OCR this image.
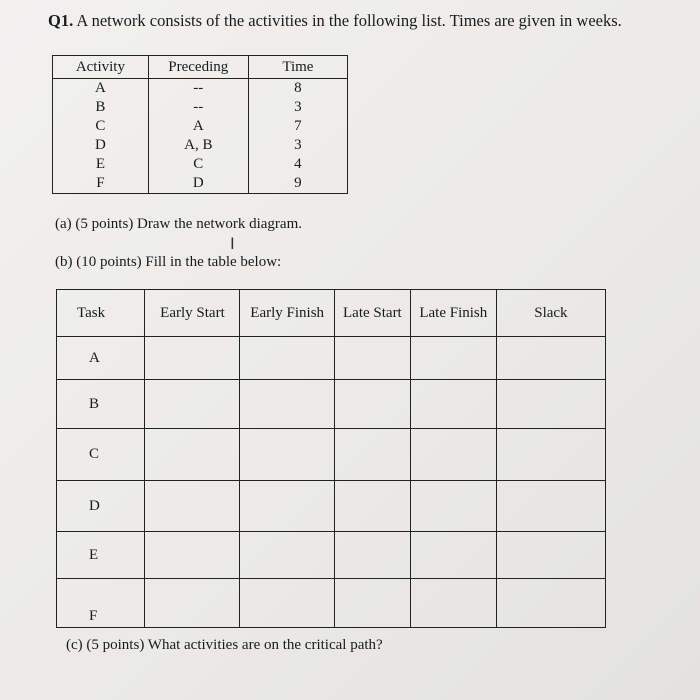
Q1. A network consists of the activities in the following list. Times are given in weeks.
Activity	Preceding	Time
A	--	8
B	--	3
C	A	7
D	A, B	3
E	C	4
F	D	9
(a) (5 points) Draw the network diagram.
I
(b) (10 points) Fill in the table below:
Task	Early Start	Early Finish	Late Start	Late Finish	Slack
A					
B					
C					
D					
E					
F					
(c) (5 points) What activities are on the critical path?
